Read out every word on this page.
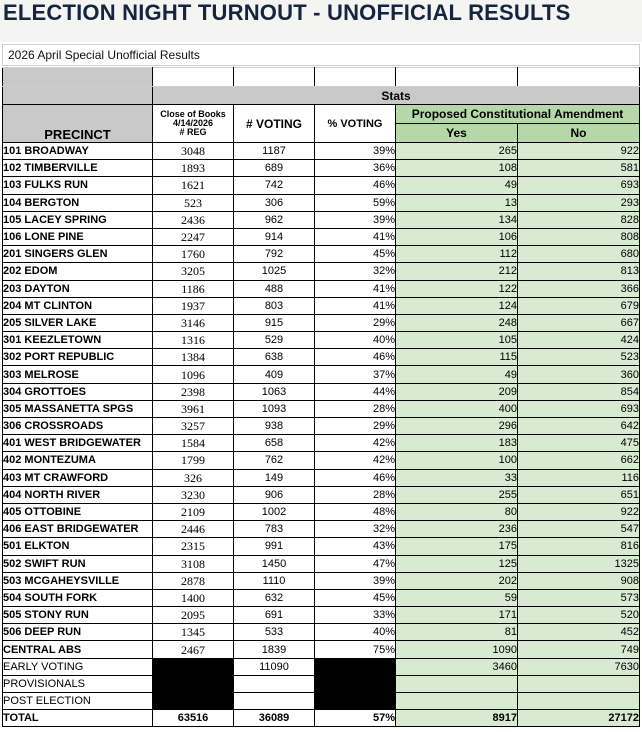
ELECTION NIGHT TURNOUT - UNOFFICIAL RESULTS
2026 April Special Unofficial Results

	Stats				
PRECINCT	Close of Books
4/14/2026
# REG	# VOTING	% VOTING	Proposed Constitutional Amendment	
				Yes	No
101 BROADWAY	3048	1187	39%	265	922
102 TIMBERVILLE	1893	689	36%	108	581
103 FULKS RUN	1621	742	46%	49	693
104 BERGTON	523	306	59%	13	293
105 LACEY SPRING	2436	962	39%	134	828
106 LONE PINE	2247	914	41%	106	808
201 SINGERS GLEN	1760	792	45%	112	680
202 EDOM	3205	1025	32%	212	813
203 DAYTON	1186	488	41%	122	366
204 MT CLINTON	1937	803	41%	124	679
205 SILVER LAKE	3146	915	29%	248	667
301 KEEZLETOWN	1316	529	40%	105	424
302 PORT REPUBLIC	1384	638	46%	115	523
303 MELROSE	1096	409	37%	49	360
304 GROTTOES	2398	1063	44%	209	854
305 MASSANETTA SPGS	3961	1093	28%	400	693
306 CROSSROADS	3257	938	29%	296	642
401 WEST BRIDGEWATER	1584	658	42%	183	475
402 MONTEZUMA	1799	762	42%	100	662
403 MT CRAWFORD	326	149	46%	33	116
404 NORTH RIVER	3230	906	28%	255	651
405 OTTOBINE	2109	1002	48%	80	922
406 EAST BRIDGEWATER	2446	783	32%	236	547
501 ELKTON	2315	991	43%	175	816
502 SWIFT RUN	3108	1450	47%	125	1325
503 MCGAHEYSVILLE	2878	1110	39%	202	908
504 SOUTH FORK	1400	632	45%	59	573
505 STONY RUN	2095	691	33%	171	520
506 DEEP RUN	1345	533	40%	81	452
CENTRAL ABS	2467	1839	75%	1090	749
EARLY VOTING		11090		3460	7630
PROVISIONALS					
POST ELECTION					
TOTAL	63516	36089	57%	8917	27172
